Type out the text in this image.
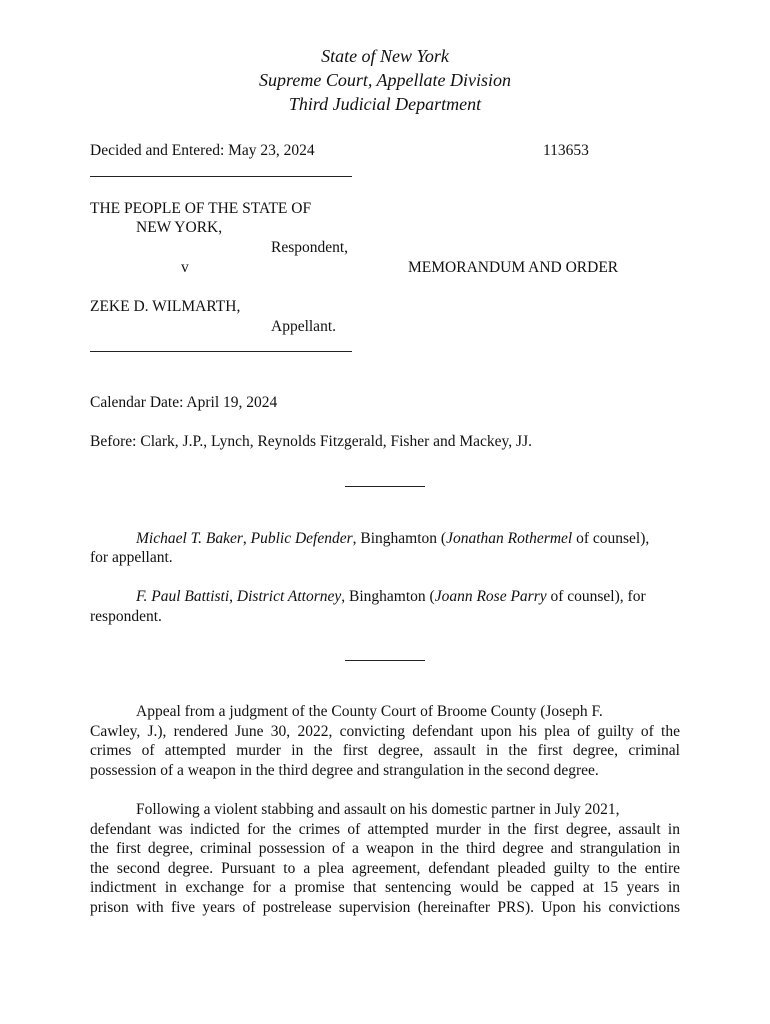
State of New York
Supreme Court, Appellate Division
Third Judicial Department
Decided and Entered: May 23, 2024	113653
THE PEOPLE OF THE STATE OF
NEW YORK,
Respondent,
v	MEMORANDUM AND ORDER
ZEKE D. WILMARTH,
Appellant.
Calendar Date: April 19, 2024
Before: Clark, J.P., Lynch, Reynolds Fitzgerald, Fisher and Mackey, JJ.
Michael T. Baker, Public Defender, Binghamton (Jonathan Rothermel of counsel),
for appellant.
F. Paul Battisti, District Attorney, Binghamton (Joann Rose Parry of counsel), for
respondent.
Appeal from a judgment of the County Court of Broome County (Joseph F.
Cawley, J.), rendered June 30, 2022, convicting defendant upon his plea of guilty of the
crimes of attempted murder in the first degree, assault in the first degree, criminal
possession of a weapon in the third degree and strangulation in the second degree.
Following a violent stabbing and assault on his domestic partner in July 2021,
defendant was indicted for the crimes of attempted murder in the first degree, assault in
the first degree, criminal possession of a weapon in the third degree and strangulation in
the second degree. Pursuant to a plea agreement, defendant pleaded guilty to the entire
indictment in exchange for a promise that sentencing would be capped at 15 years in
prison with five years of postrelease supervision (hereinafter PRS). Upon his convictions
